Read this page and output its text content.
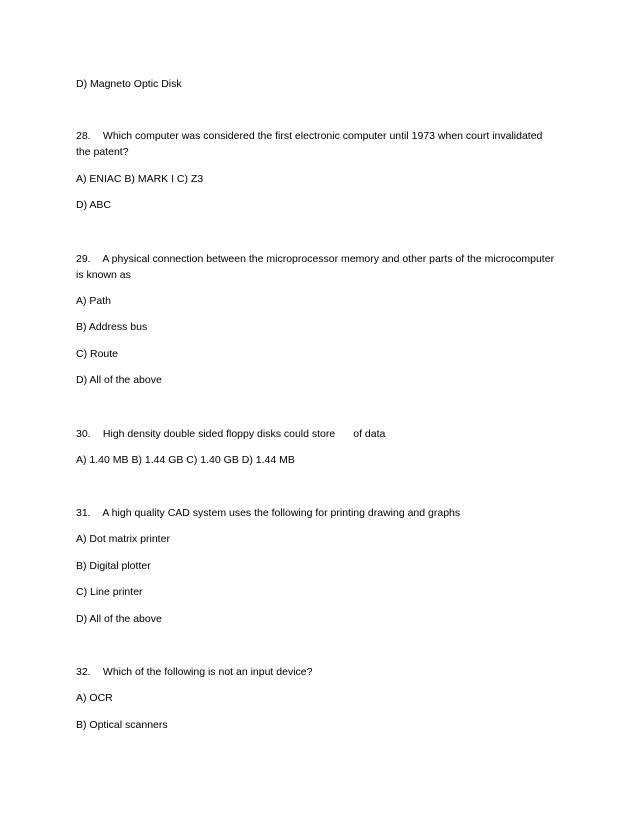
D) Magneto Optic Disk
28. Which computer was considered the first electronic computer until 1973 when court invalidated
the patent?
A) ENIAC B) MARK I C) Z3
D) ABC
29. A physical connection between the microprocessor memory and other parts of the microcomputer
is known as
A) Path
B) Address bus
C) Route
D) All of the above
30. High density double sided floppy disks could store of data
A) 1.40 MB B) 1.44 GB C) 1.40 GB D) 1.44 MB
31. A high quality CAD system uses the following for printing drawing and graphs
A) Dot matrix printer
B) Digital plotter
C) Line printer
D) All of the above
32. Which of the following is not an input device?
A) OCR
B) Optical scanners
